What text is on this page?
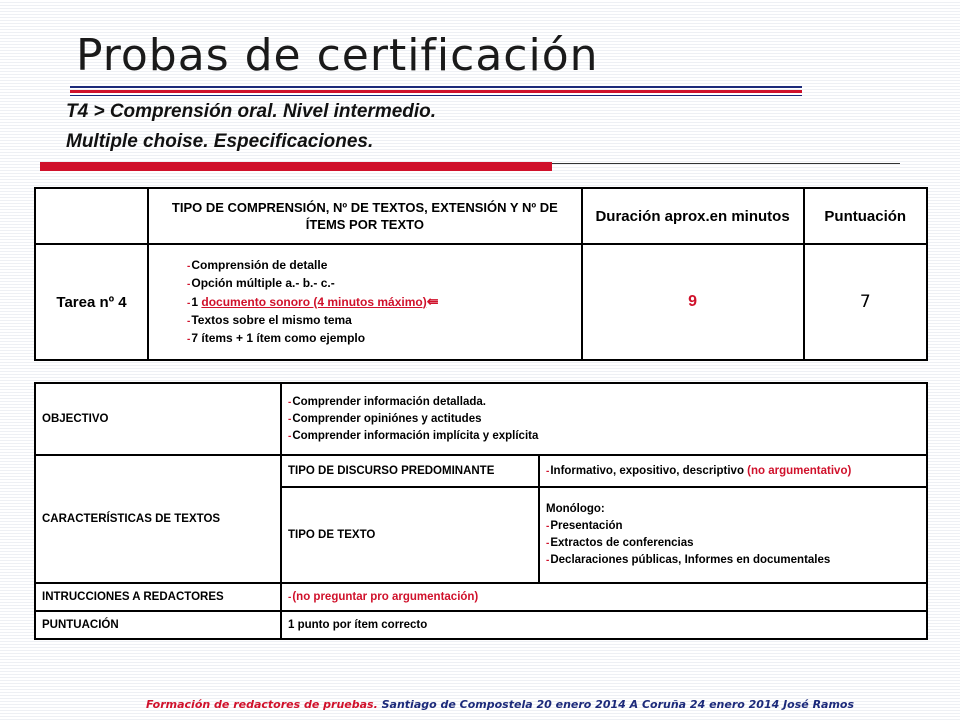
Probas de certificación
T4 > Comprensión oral. Nivel intermedio.
Multiple choise. Especificaciones.
	TIPO DE COMPRENSIÓN, Nº DE TEXTOS, EXTENSIÓN Y Nº DE ÍTEMS POR TEXTO	Duración aprox.en minutos	Puntuación
Tarea nº 4	-Comprensión de detalle
-Opción múltiple a.- b.- c.-
-1 documento sonoro (4 minutos máximo)⇚
-Textos sobre el mismo tema
-7 ítems + 1 ítem como ejemplo	9	7
OBJECTIVO	-Comprender información detallada.
-Comprender opiniónes y actitudes
-Comprender información implícita y explícita	

CARACTERÍSTICAS DE TEXTOS	TIPO DE DISCURSO PREDOMINANTE	-Informativo, expositivo, descriptivo (no argumentativo)
	TIPO DE TEXTO	Monólogo:
-Presentación
-Extractos de conferencias
-Declaraciones públicas, Informes en documentales

INTRUCCIONES A REDACTORES	-(no preguntar pro argumentación)	
PUNTUACIÓN	1 punto por ítem correcto	
Formación de redactores de pruebas. Santiago de Compostela 20 enero 2014 A Coruña 24 enero 2014 José Ramos
